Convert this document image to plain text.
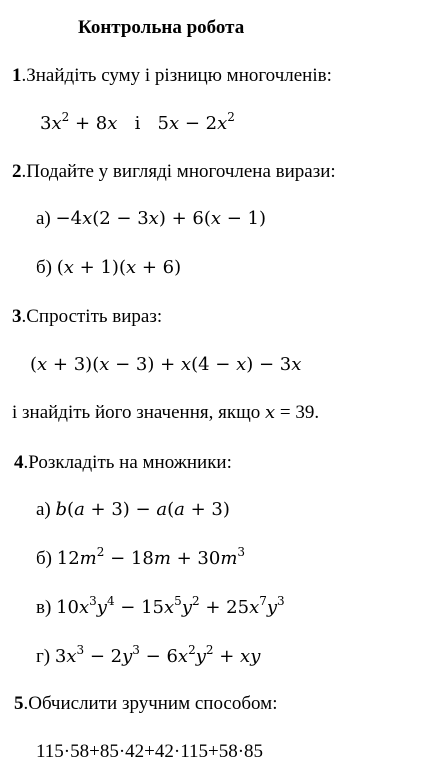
Контрольна робота
1.Знайдіть суму і різницю многочленів:
$3x^2 + 8x$ і   $5x - 2x^2$
2.Подайте у вигляді многочлена вирази:
а) −4x(2 − 3x) + 6(x − 1)
б) (x + 1)(x + 6)
3.Спростіть вираз:
(x + 3)(x − 3) + x(4 − x) − 3x
і знайдіть його значення, якщо x = 39.
4.Розкладіть на множники:
а) b(a + 3) − a(a + 3)
б) $12m^2 - 18m + 30m^3$
в) $10x^3y^4 - 15x^5y^2 + 25x^7y^3$
г) $3x^3 - 2y^3 - 6x^2y^2$ + xy
5.Обчислити зручним способом:
115·58+85·42+42·115+58·85
